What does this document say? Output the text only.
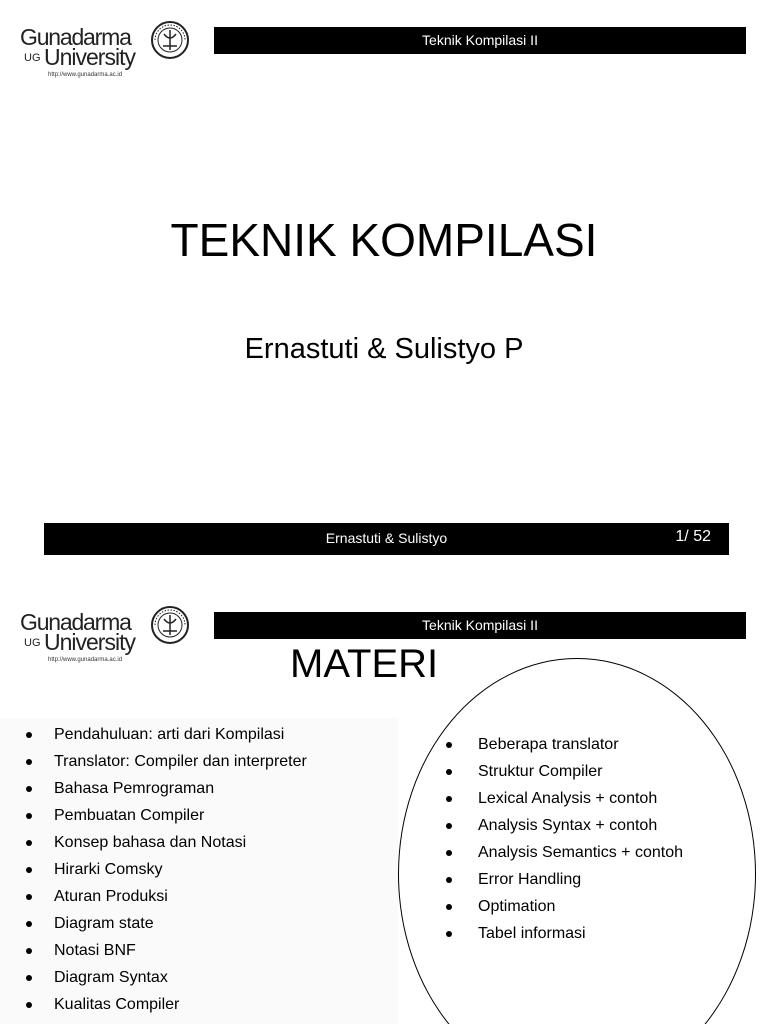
Gunadarma
UG University
http://www.gunadarma.ac.id
Teknik Kompilasi II
TEKNIK KOMPILASI
Ernastuti & Sulistyo P
Ernastuti & Sulistyo	1/ 52
Gunadarma
UG University
http://www.gunadarma.ac.id
Teknik Kompilasi II
MATERI
Pendahuluan: arti dari Kompilasi
Translator: Compiler dan interpreter
Bahasa Pemrograman
Pembuatan Compiler
Konsep bahasa dan Notasi
Hirarki Comsky
Aturan Produksi
Diagram state
Notasi BNF
Diagram Syntax
Kualitas Compiler
Beberapa translator
Struktur Compiler
Lexical Analysis + contoh
Analysis Syntax + contoh
Analysis Semantics + contoh
Error Handling
Optimation
Tabel informasi
